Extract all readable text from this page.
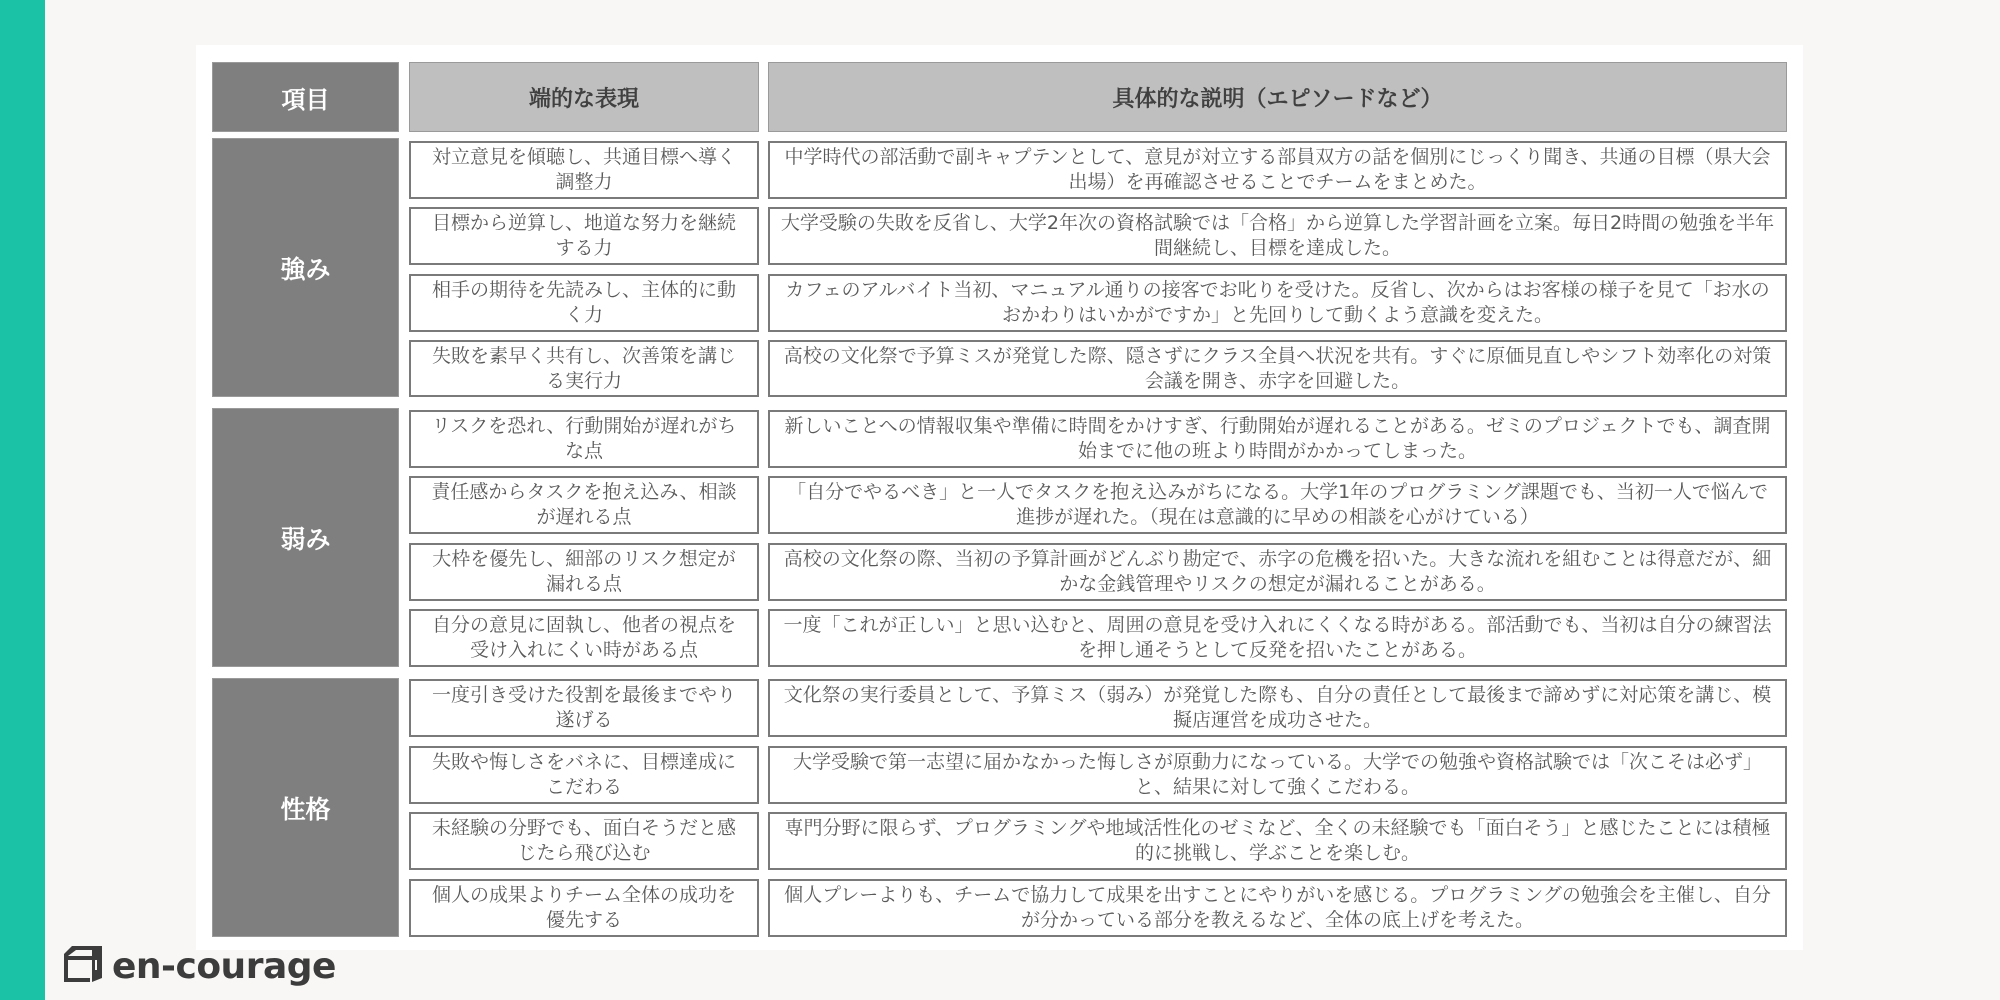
項目	端的な表現	具体的な説明（エピソードなど）
強み
対立意見を傾聴し、共通目標へ導く調整力
中学時代の部活動で副キャプテンとして、意見が対立する部員双方の話を個別にじっくり聞き、共通の目標（県大会出場）を再確認させることでチームをまとめた。
目標から逆算し、地道な努力を継続する力
大学受験の失敗を反省し、大学2年次の資格試験では「合格」から逆算した学習計画を立案。毎日2時間の勉強を半年間継続し、目標を達成した。
相手の期待を先読みし、主体的に動く力
カフェのアルバイト当初、マニュアル通りの接客でお叱りを受けた。反省し、次からはお客様の様子を見て「お水のおかわりはいかがですか」と先回りして動くよう意識を変えた。
失敗を素早く共有し、次善策を講じる実行力
高校の文化祭で予算ミスが発覚した際、隠さずにクラス全員へ状況を共有。すぐに原価見直しやシフト効率化の対策会議を開き、赤字を回避した。
弱み
リスクを恐れ、行動開始が遅れがちな点
新しいことへの情報収集や準備に時間をかけすぎ、行動開始が遅れることがある。ゼミのプロジェクトでも、調査開始までに他の班より時間がかかってしまった。
責任感からタスクを抱え込み、相談が遅れる点
「自分でやるべき」と一人でタスクを抱え込みがちになる。大学1年のプログラミング課題でも、当初一人で悩んで進捗が遅れた。（現在は意識的に早めの相談を心がけている）
大枠を優先し、細部のリスク想定が漏れる点
高校の文化祭の際、当初の予算計画がどんぶり勘定で、赤字の危機を招いた。大きな流れを組むことは得意だが、細かな金銭管理やリスクの想定が漏れることがある。
自分の意見に固執し、他者の視点を受け入れにくい時がある点
一度「これが正しい」と思い込むと、周囲の意見を受け入れにくくなる時がある。部活動でも、当初は自分の練習法を押し通そうとして反発を招いたことがある。
性格
一度引き受けた役割を最後までやり遂げる
文化祭の実行委員として、予算ミス（弱み）が発覚した際も、自分の責任として最後まで諦めずに対応策を講じ、模擬店運営を成功させた。
失敗や悔しさをバネに、目標達成にこだわる
大学受験で第一志望に届かなかった悔しさが原動力になっている。大学での勉強や資格試験では「次こそは必ず」と、結果に対して強くこだわる。
未経験の分野でも、面白そうだと感じたら飛び込む
専門分野に限らず、プログラミングや地域活性化のゼミなど、全くの未経験でも「面白そう」と感じたことには積極的に挑戦し、学ぶことを楽しむ。
個人の成果よりチーム全体の成功を優先する
個人プレーよりも、チームで協力して成果を出すことにやりがいを感じる。プログラミングの勉強会を主催し、自分が分かっている部分を教えるなど、全体の底上げを考えた。
en-courage
